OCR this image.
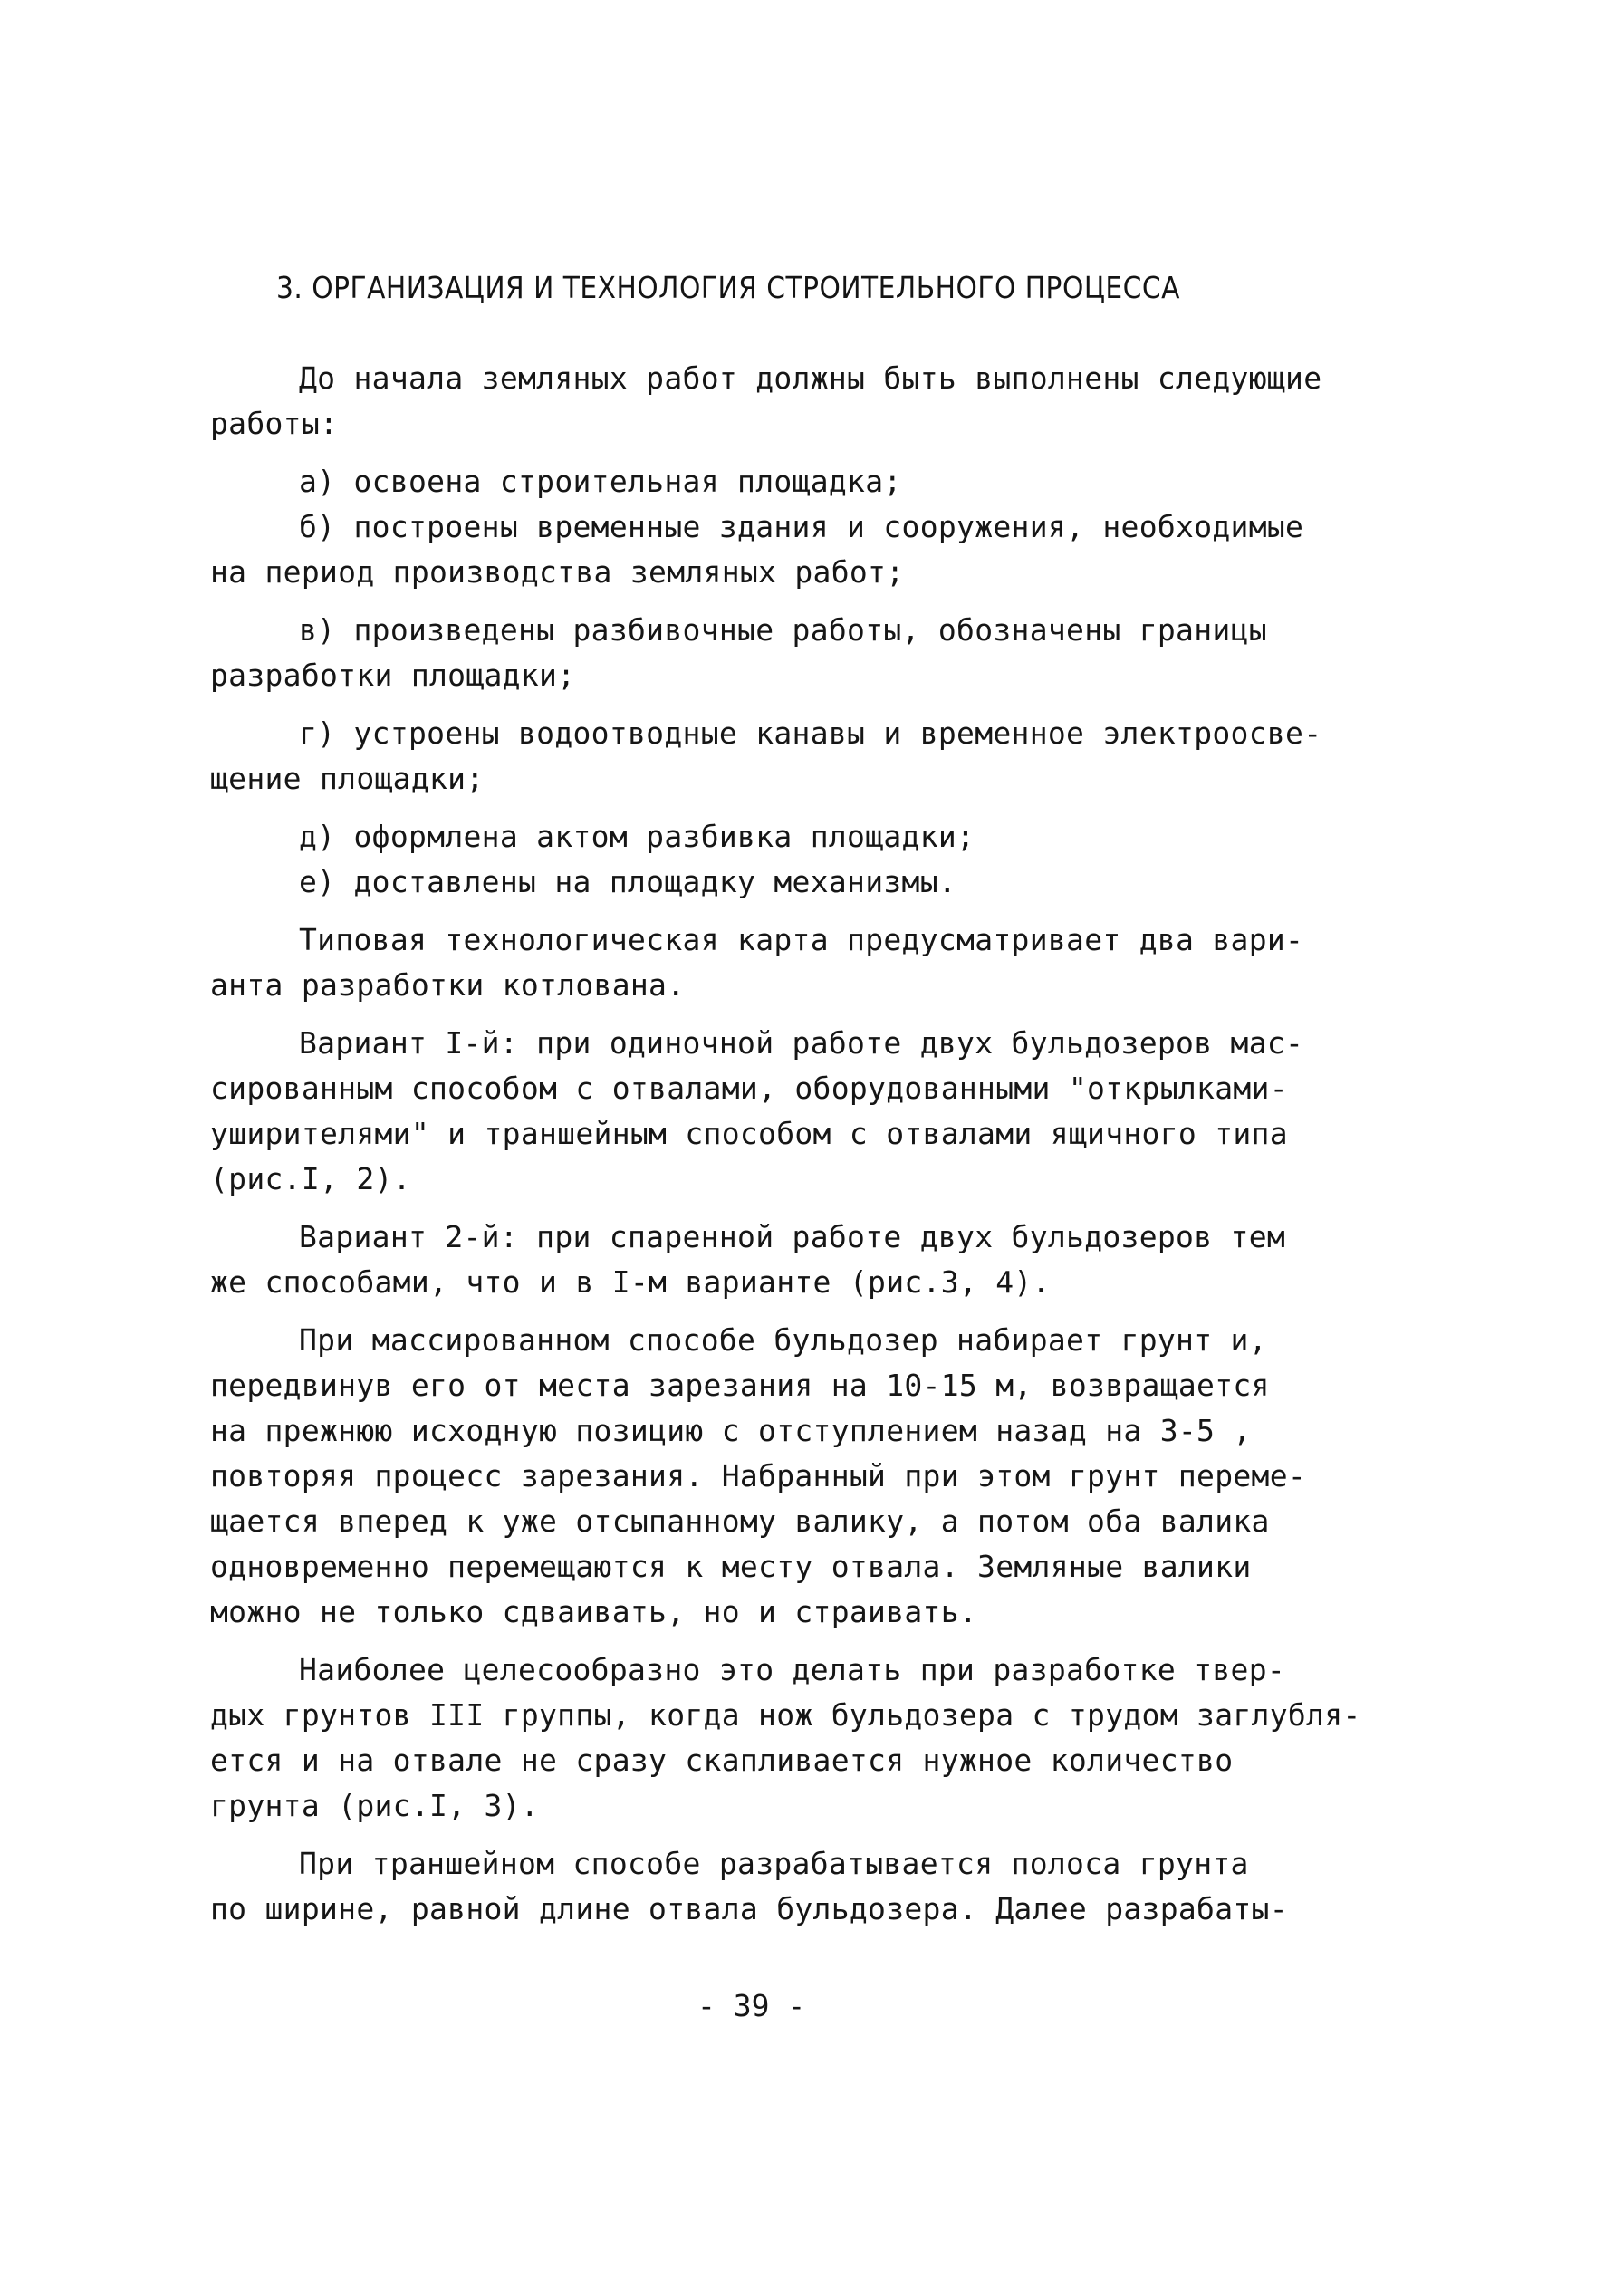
3. ОРГАНИЗАЦИЯ И ТЕХНОЛОГИЯ СТРОИТЕЛЬНОГО ПРОЦЕССА
До начала земляных работ должны быть выполнены следующие
работы:
а) освоена строительная площадка;
б) построены временные здания и сооружения, необходимые
на период производства земляных работ;
в) произведены разбивочные работы, обозначены границы
разработки площадки;
г) устроены водоотводные канавы и временное электроосве-
щение площадки;
д) оформлена актом разбивка площадки;
е) доставлены на площадку механизмы.
Типовая технологическая карта предусматривает два вари-
анта разработки котлована.
Вариант I-й: при одиночной работе двух бульдозеров мас-
сированным способом с отвалами, оборудованными "открылками-
уширителями" и траншейным способом с отвалами ящичного типа
(рис.I, 2).
Вариант 2-й: при спаренной работе двух бульдозеров тем
же способами, что и в I-м варианте (рис.3, 4).
При массированном способе бульдозер набирает грунт и,
передвинув его от места зарезания на 10-15 м, возвращается
на прежнюю исходную позицию с отступлением назад на 3-5 ,
повторяя процесс зарезания. Набранный при этом грунт переме-
щается вперед к уже отсыпанному валику, а потом оба валика
одновременно перемещаются к месту отвала. Земляные валики
можно не только сдваивать, но и страивать.
Наиболее целесообразно это делать при разработке твер-
дых грунтов III группы, когда нож бульдозера с трудом заглубля-
ется и на отвале не сразу скапливается нужное количество
грунта (рис.I, 3).
При траншейном способе разрабатывается полоса грунта
по ширине, равной длине отвала бульдозера. Далее разрабаты-
- 39 -
